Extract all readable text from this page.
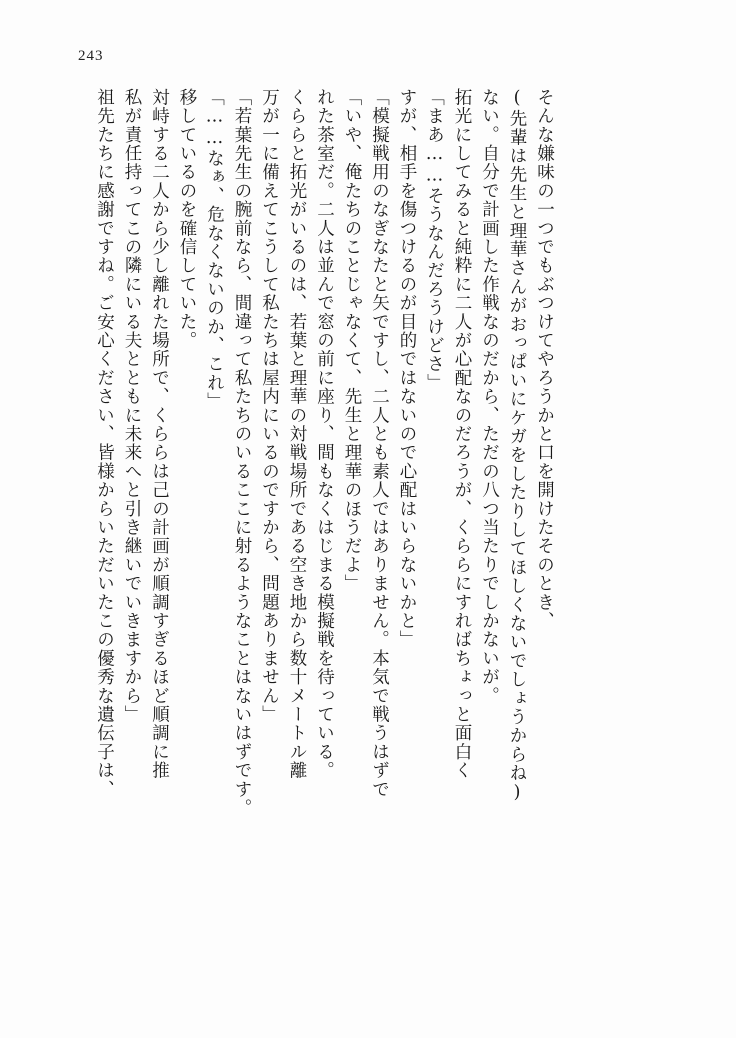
243
祖先たちに感謝ですね。ご安心ください、皆様からいただいたこの優秀な遺伝子は、 私が責任持ってこの隣にいる夫とともに未来へと引き継いでいきますから」 対峙する二人から少し離れた場所で、くららは己の計画が順調すぎるほど順調に推 移しているのを確信していた。 「……なぁ、危なくないのか、これ」 「若葉先生の腕前なら、間違って私たちのいるここに射るようなことはないはずです。 万が一に備えてこうして私たちは屋内にいるのですから、問題ありません」 くららと拓光がいるのは、若葉と理華の対戦場所である空き地から数十メートル離 れた茶室だ。二人は並んで窓の前に座り、間もなくはじまる模擬戦を待っている。 「いや、俺たちのことじゃなくて、先生と理華のほうだよ」 「模擬戦用のなぎなたと矢ですし、二人とも素人ではありません。本気で戦うはずで すが、相手を傷つけるのが目的ではないので心配はいらないかと」 「まあ……そうなんだろうけどさ」 拓光にしてみると純粋に二人が心配なのだろうが、くららにすればちょっと面白く ない。自分で計画した作戦なのだから、ただの八つ当たりでしかないが。 (先輩は先生と理華さんがおっぱいにケガをしたりしてほしくないでしょうからね) そんな嫌味の一つでもぶつけてやろうかと口を開けたそのとき、
